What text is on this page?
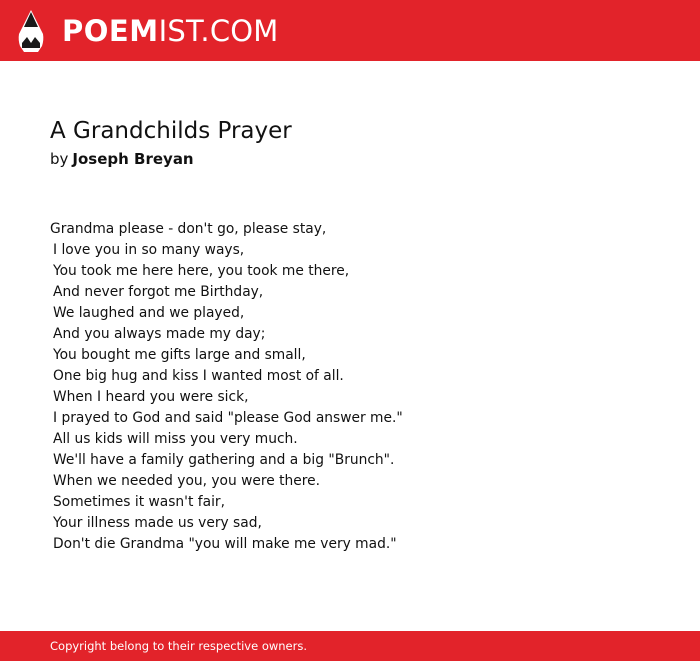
POEMIST.COM
A Grandchilds Prayer
by Joseph Breyan
Grandma please - don't go, please stay,
I love you in so many ways,
You took me here here, you took me there,
And never forgot me Birthday,
We laughed and we played,
And you always made my day;
You bought me gifts large and small,
One big hug and kiss I wanted most of all.
When I heard you were sick,
I prayed to God and said "please God answer me."
All us kids will miss you very much.
We'll have a family gathering and a big "Brunch".
When we needed you, you were there.
Sometimes it wasn't fair,
Your illness made us very sad,
Don't die Grandma "you will make me very mad."
Copyright belong to their respective owners.
